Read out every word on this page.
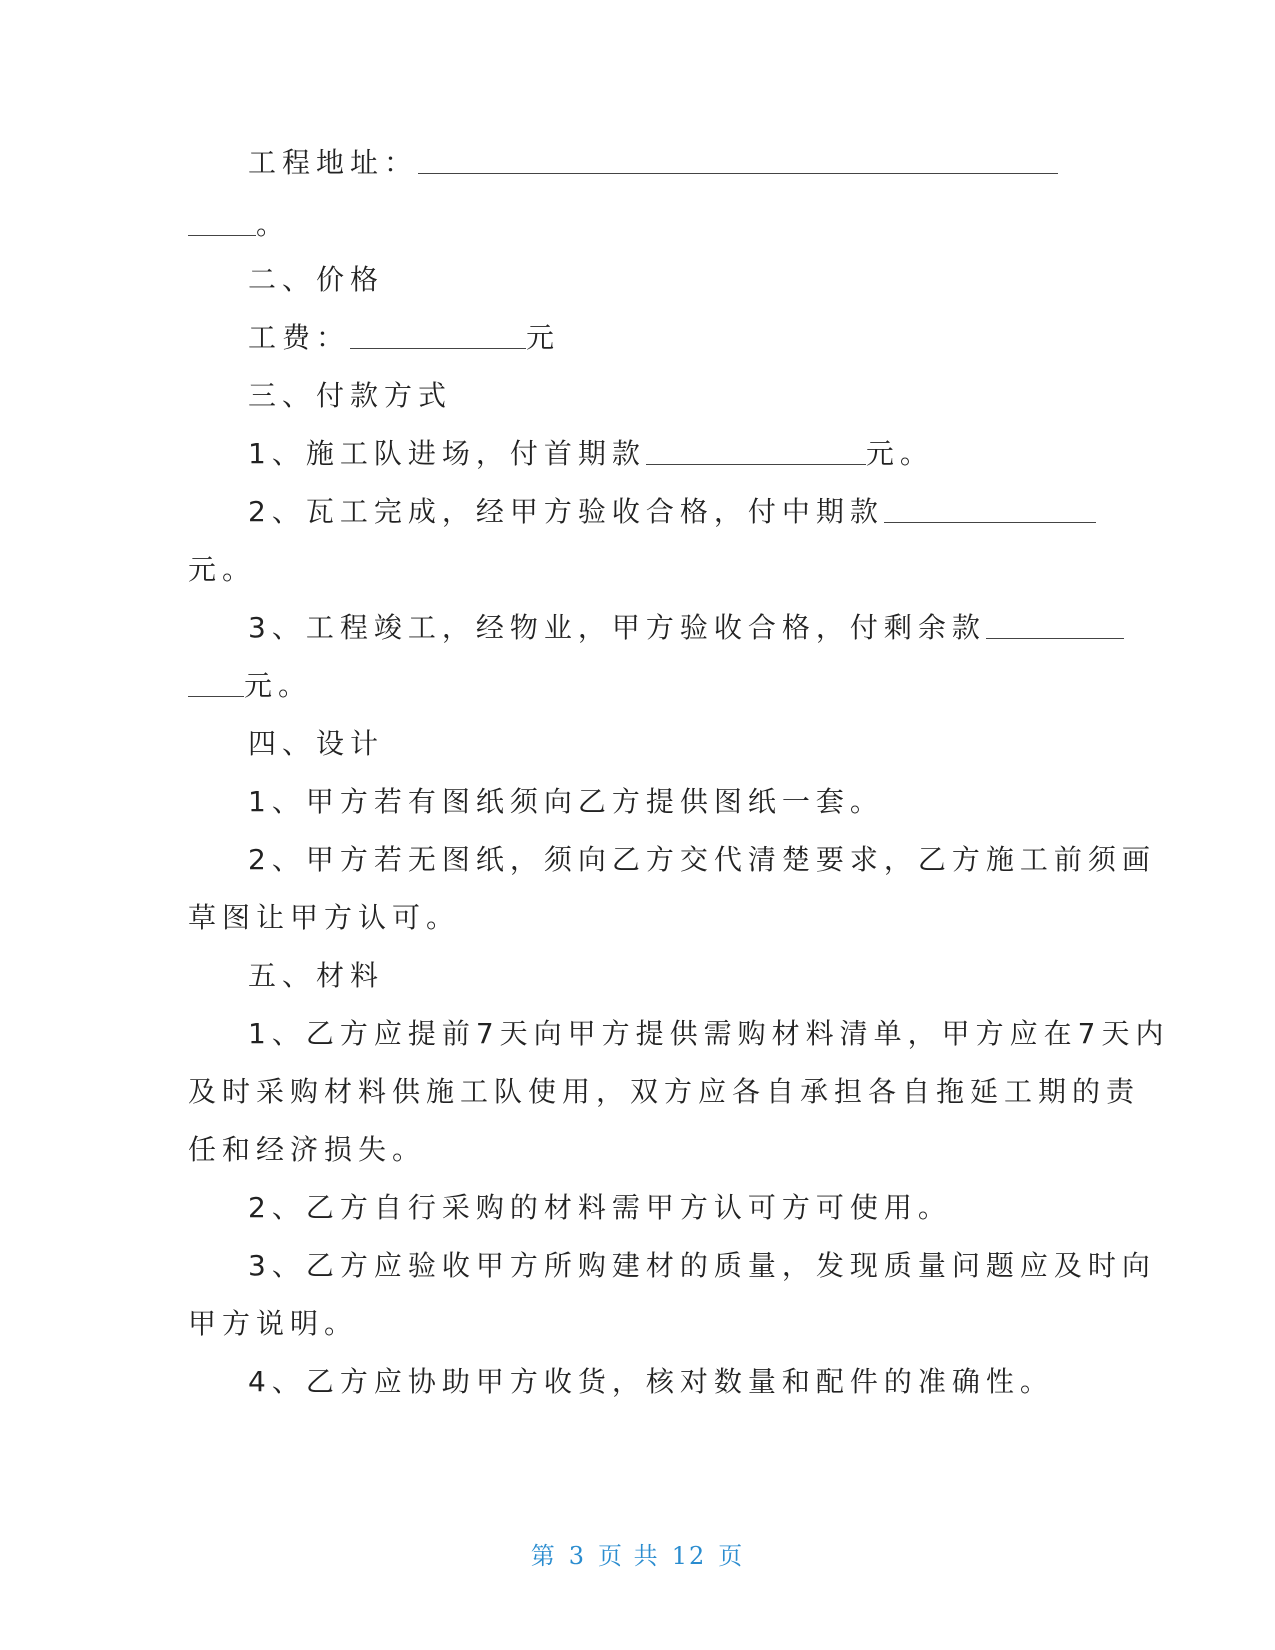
工程地址：
。
二、价格
工费：	元
三、付款方式
1、施工队进场，付首期款	元。
2、瓦工完成，经甲方验收合格，付中期款
元。
3、工程竣工，经物业，甲方验收合格，付剩余款
元。
四、设计
1、甲方若有图纸须向乙方提供图纸一套。
2、甲方若无图纸，须向乙方交代清楚要求，乙方施工前须画
草图让甲方认可。
五、材料
1、乙方应提前7天向甲方提供需购材料清单，甲方应在7天内
及时采购材料供施工队使用，双方应各自承担各自拖延工期的责
任和经济损失。
2、乙方自行采购的材料需甲方认可方可使用。
3、乙方应验收甲方所购建材的质量，发现质量问题应及时向
甲方说明。
4、乙方应协助甲方收货，核对数量和配件的准确性。
第 3 页 共 12 页
